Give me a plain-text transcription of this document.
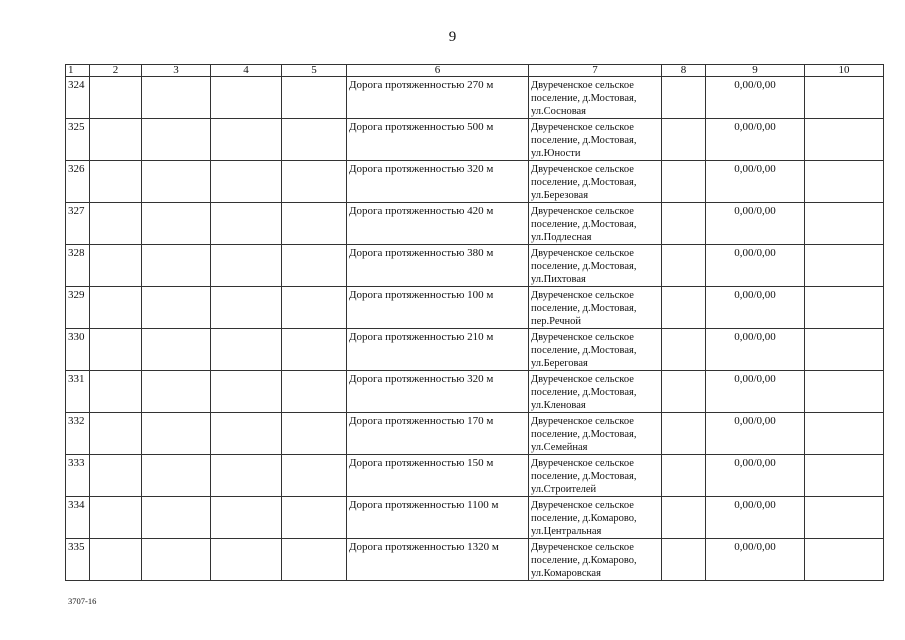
9
1	2	3	4	5	6	7	8	9	10
324					Дорога протяженностью 270 м	Двуреченское сельское
поселение, д.Мостовая,
ул.Сосновая		0,00/0,00	
325					Дорога протяженностью 500 м	Двуреченское сельское
поселение, д.Мостовая,
ул.Юности		0,00/0,00	
326					Дорога протяженностью 320 м	Двуреченское сельское
поселение, д.Мостовая,
ул.Березовая		0,00/0,00	
327					Дорога протяженностью 420 м	Двуреченское сельское
поселение, д.Мостовая,
ул.Подлесная		0,00/0,00	
328					Дорога протяженностью 380 м	Двуреченское сельское
поселение, д.Мостовая,
ул.Пихтовая		0,00/0,00	
329					Дорога протяженностью 100 м	Двуреченское сельское
поселение, д.Мостовая,
пер.Речной		0,00/0,00	
330					Дорога протяженностью 210 м	Двуреченское сельское
поселение, д.Мостовая,
ул.Береговая		0,00/0,00	
331					Дорога протяженностью 320 м	Двуреченское сельское
поселение, д.Мостовая,
ул.Кленовая		0,00/0,00	
332					Дорога протяженностью 170 м	Двуреченское сельское
поселение, д.Мостовая,
ул.Семейная		0,00/0,00	
333					Дорога протяженностью 150 м	Двуреченское сельское
поселение, д.Мостовая,
ул.Строителей		0,00/0,00	
334					Дорога протяженностью 1100 м	Двуреченское сельское
поселение, д.Комарово,
ул.Центральная		0,00/0,00	
335					Дорога протяженностью 1320 м	Двуреченское сельское
поселение, д.Комарово,
ул.Комаровская		0,00/0,00	
3707-16
